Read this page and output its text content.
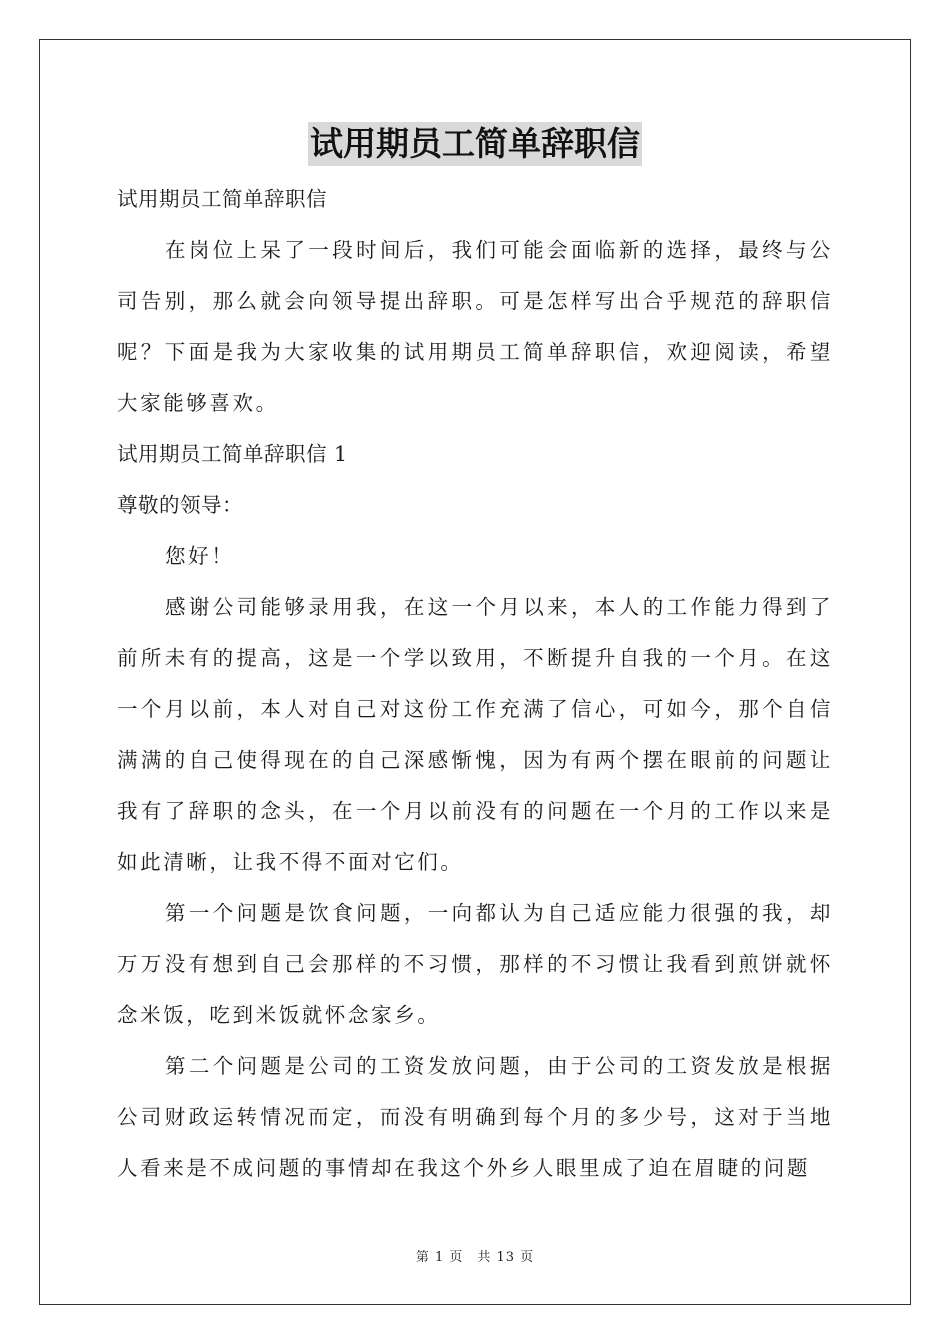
试用期员工简单辞职信

试用期员工简单辞职信

在岗位上呆了一段时间后，我们可能会面临新的选择，最终与公司告别，那么就会向领导提出辞职。可是怎样写出合乎规范的辞职信呢？下面是我为大家收集的试用期员工简单辞职信，欢迎阅读，希望大家能够喜欢。

试用期员工简单辞职信 1

尊敬的领导：

您好！

感谢公司能够录用我，在这一个月以来，本人的工作能力得到了前所未有的提高，这是一个学以致用，不断提升自我的一个月。在这一个月以前，本人对自己对这份工作充满了信心，可如今，那个自信满满的自己使得现在的自己深感惭愧，因为有两个摆在眼前的问题让我有了辞职的念头，在一个月以前没有的问题在一个月的工作以来是如此清晰，让我不得不面对它们。

第一个问题是饮食问题，一向都认为自己适应能力很强的我，却万万没有想到自己会那样的不习惯，那样的不习惯让我看到煎饼就怀念米饭，吃到米饭就怀念家乡。

第二个问题是公司的工资发放问题，由于公司的工资发放是根据公司财政运转情况而定，而没有明确到每个月的多少号，这对于当地人看来是不成问题的事情却在我这个外乡人眼里成了迫在眉睫的问题

第 1 页　共 13 页
